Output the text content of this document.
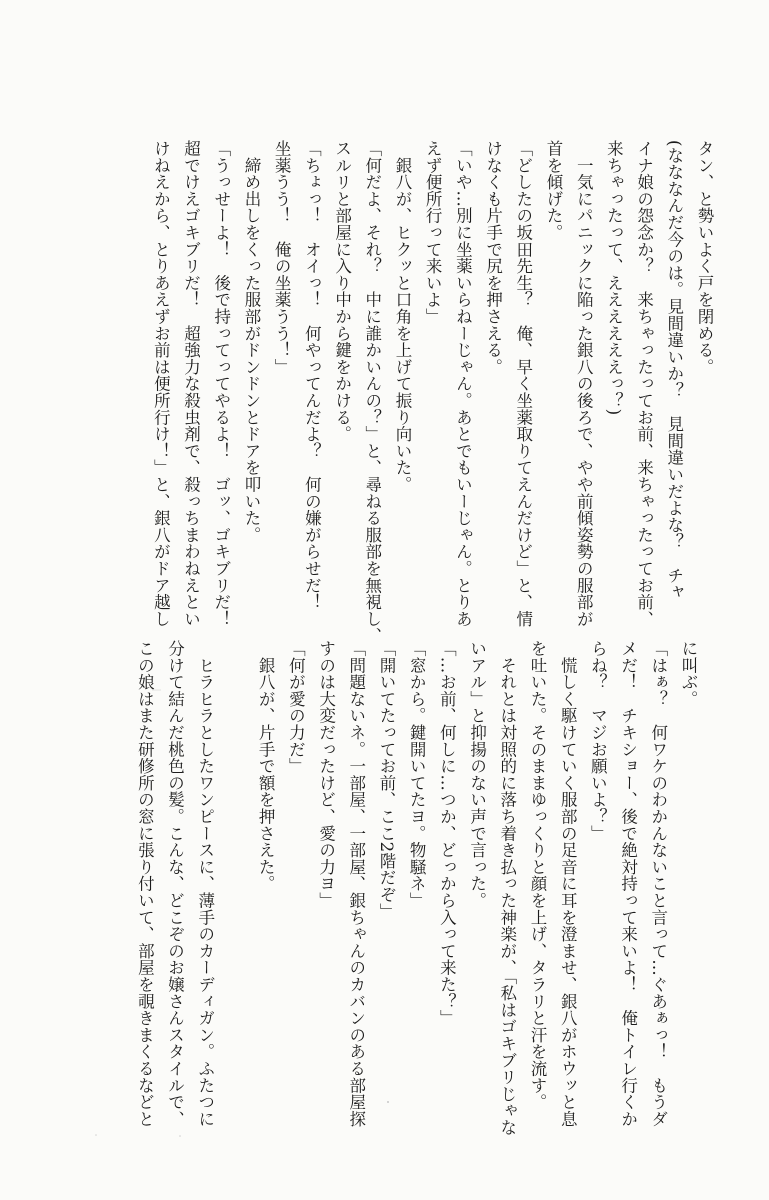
タン、と勢いよく戸を閉める。
(なななんだ今のは。見間違いか？　見間違いだよな？　チャ
イナ娘の怨念か？　来ちゃったってお前、来ちゃったってお前、
来ちゃったって、ええええええっ？)
　一気にパニックに陥った銀八の後ろで、やや前傾姿勢の服部が
首を傾げた。
「どしたの坂田先生？　俺、早く坐薬取りてえんだけど」と、情
けなくも片手で尻を押さえる。
「いや…別に坐薬いらねーじゃん。あとでもいーじゃん。とりあ
えず便所行って来いよ」
　銀八が、ヒクッと口角を上げて振り向いた。
「何だよ、それ？　中に誰かいんの？」と、尋ねる服部を無視し、
スルリと部屋に入り中から鍵をかける。
「ちょっ！　オイっ！　何やってんだよ？　何の嫌がらせだ！
坐薬うう！　俺の坐薬うう！」
　締め出しをくった服部がドンドンとドアを叩いた。
「うっせーよ！　後で持ってってやるよ！　ゴッ、ゴキブリだ！
超でけえゴキブリだ！　超強力な殺虫剤で、殺っちまわねえとい
けねえから、とりあえずお前は便所行け！」と、銀八がドア越し
に叫ぶ。
「はぁ？　何ワケのわかんないこと言って…ぐあぁっ！　もうダ
メだ！　チキショー、後で絶対持って来いよ！　俺トイレ行くか
らね？　マジお願いよ？」
　慌しく駆けていく服部の足音に耳を澄ませ、銀八がホウッと息
を吐いた。そのままゆっくりと顔を上げ、タラリと汗を流す。
　それとは対照的に落ち着き払った神楽が、「私はゴキブリじゃな
いアル」と抑揚のない声で言った。
「…お前、何しに…つか、どっから入って来た？」
「窓から。鍵開いてたヨ。物騒ネ」
「開いてたってお前、ここ2階だぞ」
「問題ないネ。一部屋、一部屋、銀ちゃんのカバンのある部屋探
すのは大変だったけど、愛の力ヨ」
「何が愛の力だ」
　銀八が、片手で額を押さえた。

　ヒラヒラとしたワンピースに、薄手のカーディガン。ふたつに
分けて結んだ桃色の髪。こんな、どこぞのお嬢さんスタイルで、
この娘はまた研修所の窓に張り付いて、部屋を覗きまくるなどと
